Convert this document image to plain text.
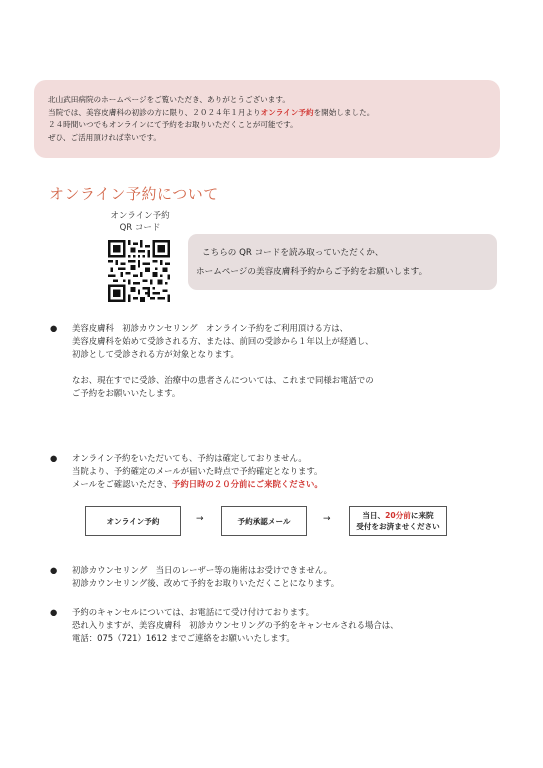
北山武田病院のホームページをご覧いただき、ありがとうございます。
当院では、美容皮膚科の初診の方に限り、２０２４年１月よりオンライン予約を開始しました。
２４時間いつでもオンラインにて予約をお取りいただくことが可能です。
ぜひ、ご活用頂ければ幸いです。
オンライン予約について
オンライン予約
QR コード
こちらの QR コードを読み取っていただくか、
ホームページの美容皮膚科予約からご予約をお願いします。
● 美容皮膚科　初診カウンセリング　オンライン予約をご利用頂ける方は、
美容皮膚科を始めて受診される方、または、前回の受診から１年以上が経過し、
初診として受診される方が対象となります。
なお、現在すでに受診、治療中の患者さんについては、これまで同様お電話での
ご予約をお願いいたします。
● オンライン予約をいただいても、予約は確定しておりません。
当院より、予約確定のメールが届いた時点で予約確定となります。
メールをご確認いただき、予約日時の２０分前にご来院ください。
オンライン予約	→	予約承認メール	→	当日、20分前に来院
受付をお済ませください
● 初診カウンセリング　当日のレーザー等の施術はお受けできません。
初診カウンセリング後、改めて予約をお取りいただくことになります。
● 予約のキャンセルについては、お電話にて受け付けております。
恐れ入りますが、美容皮膚科　初診カウンセリングの予約をキャンセルされる場合は、
電話：075（721）1612 までご連絡をお願いいたします。
